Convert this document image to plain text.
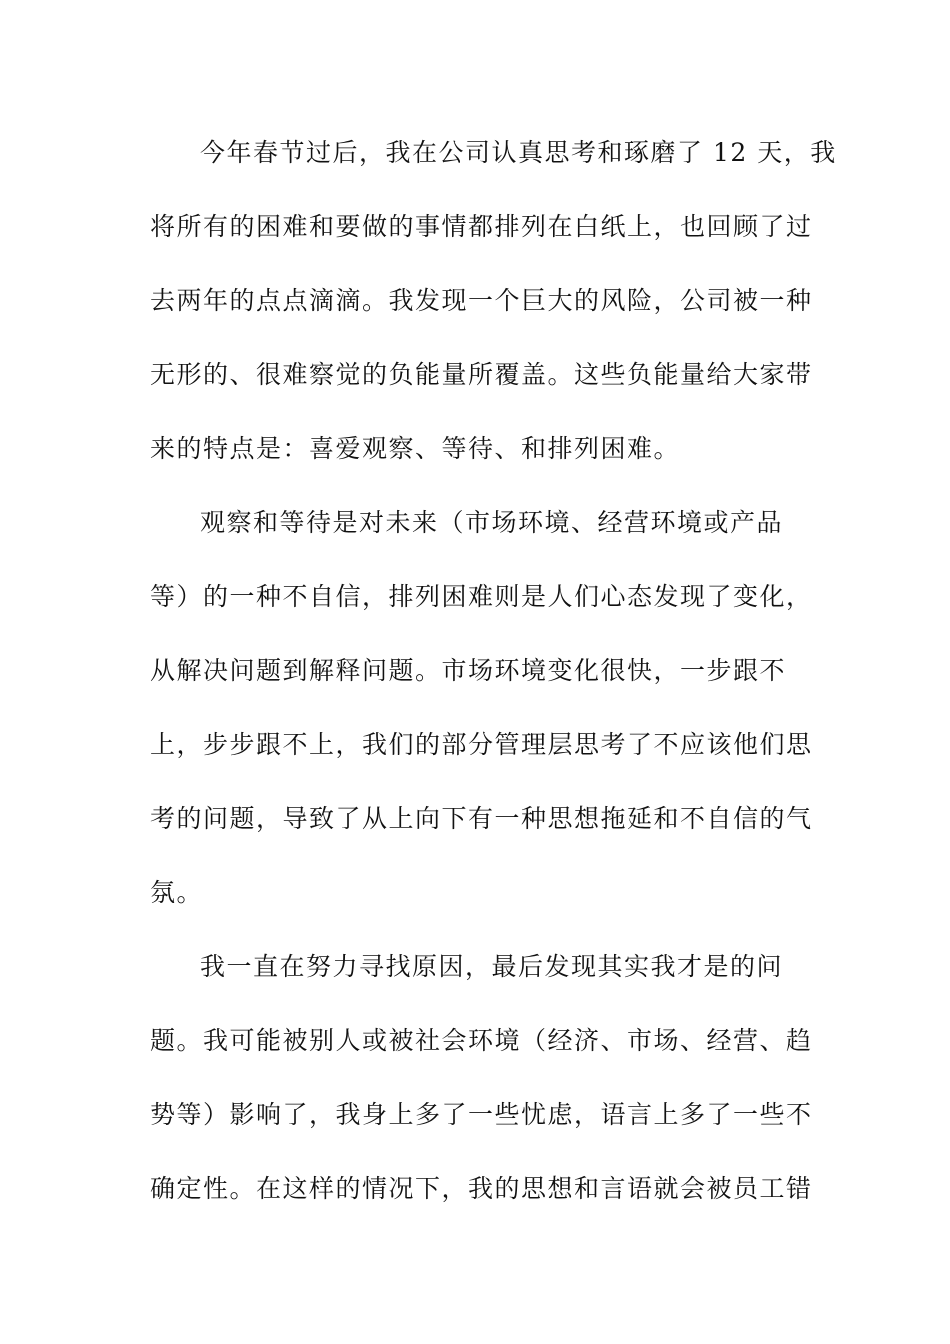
今年春节过后，我在公司认真思考和琢磨了 12 天，我
将所有的困难和要做的事情都排列在白纸上，也回顾了过
去两年的点点滴滴。我发现一个巨大的风险，公司被一种
无形的、很难察觉的负能量所覆盖。这些负能量给大家带
来的特点是：喜爱观察、等待、和排列困难。

观察和等待是对未来（市场环境、经营环境或产品
等）的一种不自信，排列困难则是人们心态发现了变化，
从解决问题到解释问题。市场环境变化很快，一步跟不
上，步步跟不上，我们的部分管理层思考了不应该他们思
考的问题，导致了从上向下有一种思想拖延和不自信的气
氛。

我一直在努力寻找原因，最后发现其实我才是的问
题。我可能被别人或被社会环境（经济、市场、经营、趋
势等）影响了，我身上多了一些忧虑，语言上多了一些不
确定性。在这样的情况下，我的思想和言语就会被员工错
